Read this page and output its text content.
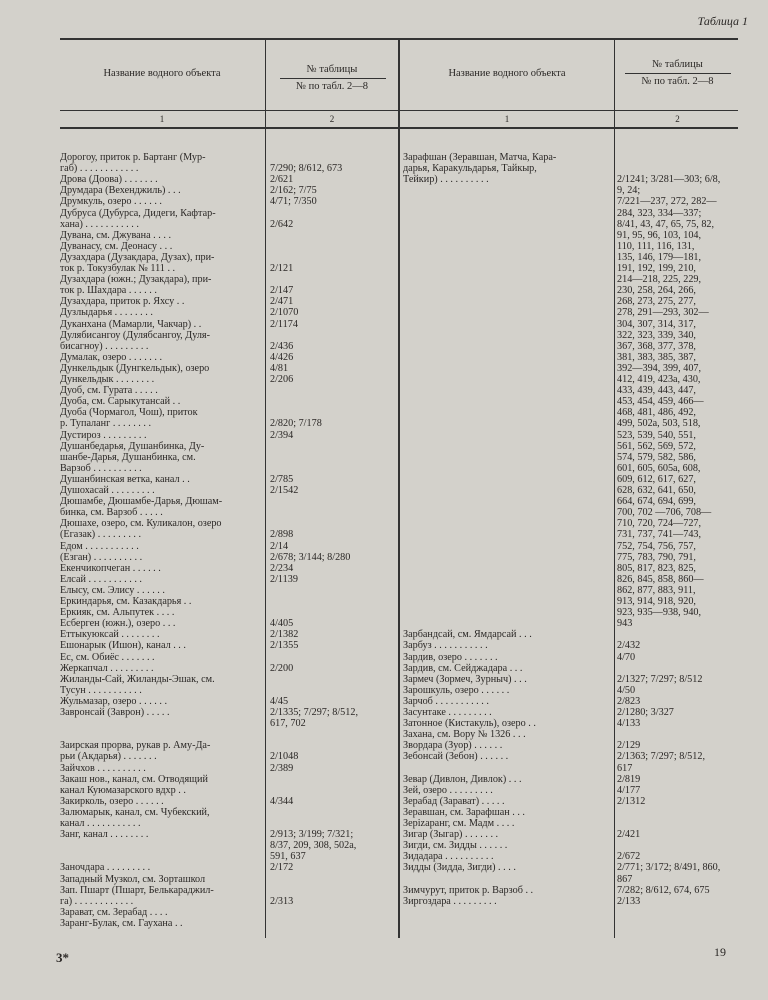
Таблица 1
Название водного объекта	№ таблицы
№ по табл. 2—8
Название водного объекта
№ таблицы
№ по табл. 2—8
1	2	1	2
Дорогоу, приток р. Бартанг (Мур-
габ) . . . . . . . . . . . .	7/290; 8/612, 673
Дрова (Доова) . . . . . . .	2/621
Друмдара (Вехенджиль) . . .	2/162; 7/75
Друмкуль, озеро . . . . . .	4/71; 7/350
Дубруса (Дубурса, Дидеги, Кафтар-
хана) . . . . . . . . . . .	2/642
Дувана, см. Джувана . . . .
Дуванасу, см. Деонасу . . .
Дузахдара (Дузакдара, Дузах), при-
ток р. Токузбулак № 111 . .	2/121
Дузахдара (южн.; Дузакдара), при-
ток р. Шахдара . . . . . .	2/147
Дузахдара, приток р. Яхсу . .	2/471
Дузлыдарья . . . . . . . .	2/1070
Дуканхана (Мамарли, Чакчар) . .	2/1174
Дулябисангоу (Дулябсангоу, Дуля-
бисагноу) . . . . . . . . .	2/436
Думалак, озеро . . . . . . .	4/426
Дункельдык (Дунгкельдык), озеро	4/81
Дункельдык . . . . . . . .	2/206
Дуоб, см. Гурата . . . . .
Дуоба, см. Сарыкутансай . .
Дуоба (Чормагол, Чош), приток
р. Тупаланг . . . . . . . .	2/820; 7/178
Дустироз . . . . . . . . .	2/394
Душанбедарья, Душанбинка, Ду-
шанбе-Дарья, Душанбинка, см.
Варзоб . . . . . . . . . .
Душанбинская ветка, канал . .	2/785
Душохасай . . . . . . . . .	2/1542
Дюшамбе, Дюшамбе-Дарья, Дюшам-
бинка, см. Варзоб . . . . .
Дюшахе, озеро, см. Куликалон, озеро
(Егазак) . . . . . . . . .	2/898
Едом . . . . . . . . . . .	2/14
(Езган) . . . . . . . . . .	2/678; 3/144; 8/280
Екенчикопчеган . . . . . .	2/234
Елсай . . . . . . . . . . .	2/1139
Елысу, см. Элису . . . . . .
Еркиндарья, см. Казакдарья . .
Еркияк, см. Альпутек . . . .
Есберген (южн.), озеро . . .	4/405
Еттыкуюксай . . . . . . . .	2/1382
Ешонарык (Ишон), канал . . .	2/1355
Ес, см. Обиёс . . . . . . .
Жеркапчал . . . . . . . . .	2/200
Жиланды-Сай, Жиланды-Эшак, см.
Тусун . . . . . . . . . . .
Жульмазар, озеро . . . . . .	4/45
Завронсай (Заврон) . . . . .	2/1335; 7/297; 8/512,
617, 702
Заирская прорва, рукав р. Аму-Да-
рьи (Акдарья) . . . . . . .	2/1048
Зайчхов . . . . . . . . . .	2/389
Закаш нов., канал, см. Отводящий
канал Куюмазарского вдхр . .
Закирколь, озеро . . . . . .	4/344
Залюмарык, канал, см. Чубекский,
канал . . . . . . . . . . .
Занг, канал . . . . . . . .	2/913; 3/199; 7/321;
8/37, 209, 308, 502а,
591, 637
Заночдара . . . . . . . . .	2/172
Западный Музкол, см. Зорташкол
Зап. Пшарт (Пшарт, Белькараджил-
га) . . . . . . . . . . . .	2/313
Зарават, см. Зерабад . . . .
Заранг-Булак, см. Гаухана . .
Зарафшан (Зеравшан, Матча, Кара-
дарья, Каракульдарья, Тайкыр,
Тейкир) . . . . . . . . . .	2/1241; 3/281—303; 6/8,
9, 24;
7/221—237, 272, 282—
284, 323, 334—337;
8/41, 43, 47, 65, 75, 82,
91, 95, 96, 103, 104,
110, 111, 116, 131,
135, 146, 179—181,
191, 192, 199, 210,
214—218, 225, 229,
230, 258, 264, 266,
268, 273, 275, 277,
278, 291—293, 302—
304, 307, 314, 317,
322, 323, 339, 340,
367, 368, 377, 378,
381, 383, 385, 387,
392—394, 399, 407,
412, 419, 423а, 430,
433, 439, 443, 447,
453, 454, 459, 466—
468, 481, 486, 492,
499, 502а, 503, 518,
523, 539, 540, 551,
561, 562, 569, 572,
574, 579, 582, 586,
601, 605, 605а, 608,
609, 612, 617, 627,
628, 632, 641, 650,
664, 674, 694, 699,
700, 702 —706, 708—
710, 720, 724—727,
731, 737, 741—743,
752, 754, 756, 757,
775, 783, 790, 791,
805, 817, 823, 825,
826, 845, 858, 860—
862, 877, 883, 911,
913, 914, 918, 920,
923, 935—938, 940,
943
Зарбандсай, см. Ямдарсай . . .
Зарбуз . . . . . . . . . . .	2/432
Зардив, озеро . . . . . . .	4/70
Зардив, см. Сейджадара . . .
Зармеч (Зормеч, Зурныч) . . .	2/1327; 7/297; 8/512
Зарошкуль, озеро . . . . . .	4/50
Зарчоб . . . . . . . . . . .	2/823
Засунтаке . . . . . . . . .	2/1280; 3/327
Затонное (Кистакуль), озеро . .	4/133
Захана, см. Вору № 1326 . . .
Звордара (Зуор) . . . . . .	2/129
Зебонсай (Зебон) . . . . . .	2/1363; 7/297; 8/512,
617
Зевар (Дивлон, Дивлок) . . .	2/819
Зей, озеро . . . . . . . . .	4/177
Зерабад (Зарават) . . . . .	2/1312
Зеравшан, см. Зарафшан . . .
Зерizaранг, см. Мадм . . . .
Зигар (Зыгар) . . . . . . .	2/421
Зигди, см. Зидды . . . . . .
Зидадара . . . . . . . . . .	2/672
Зидды (Зидда, Зигди) . . . .	2/771; 3/172; 8/491, 860,
867
Зимчурут, приток р. Варзоб . .	7/282; 8/612, 674, 675
Зиргоздара . . . . . . . . .	2/133
3*	19
